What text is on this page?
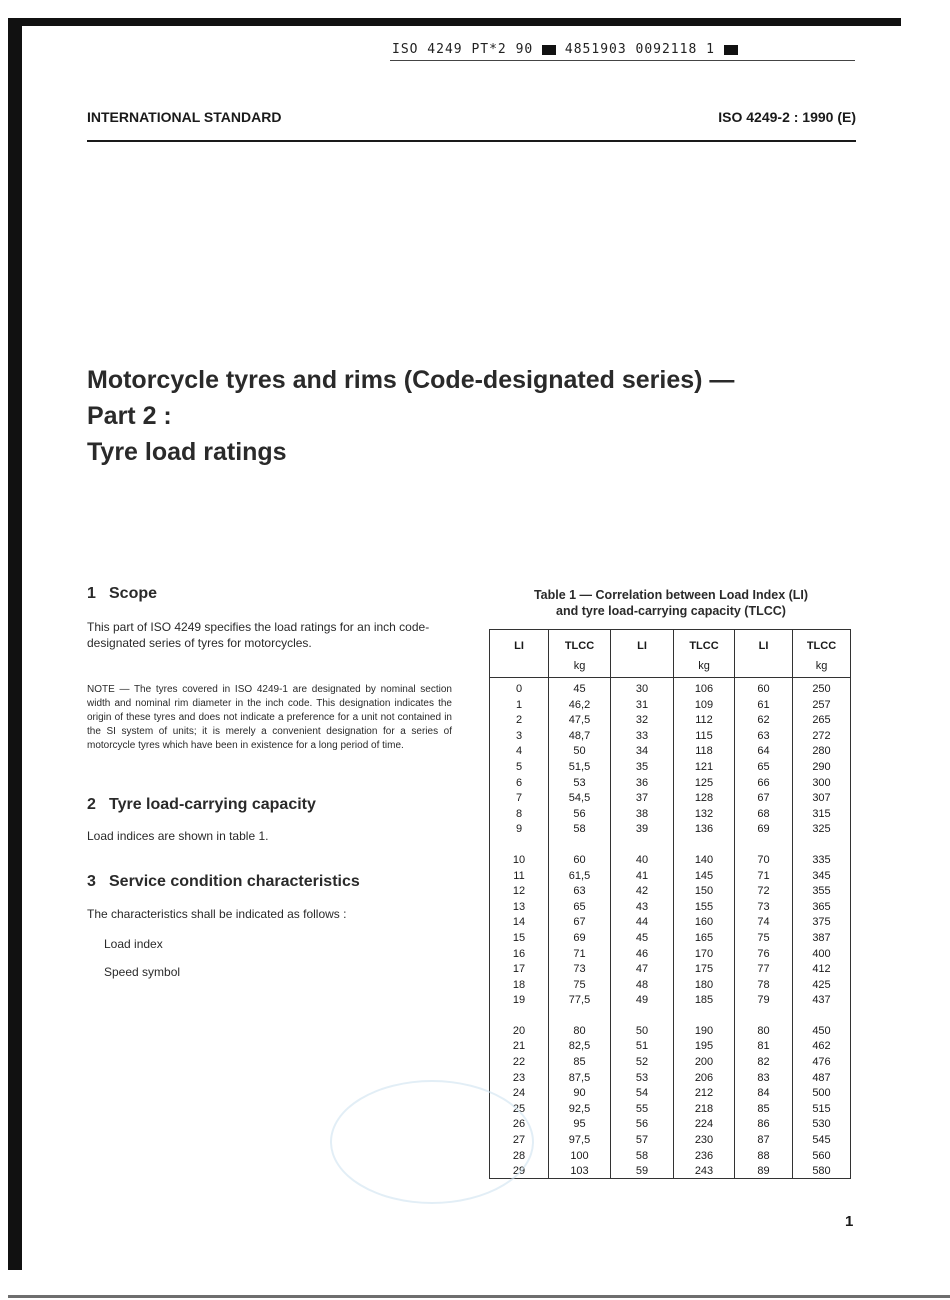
ISO 4249 PT*2 90 4851903 0092118 1
INTERNATIONAL STANDARD	ISO 4249-2 : 1990 (E)
Motorcycle tyres and rims (Code-designated series) —
Part 2 :
Tyre load ratings
1 Scope
This part of ISO 4249 specifies the load ratings for an inch code-designated series of tyres for motorcycles.
NOTE — The tyres covered in ISO 4249-1 are designated by nominal section width and nominal rim diameter in the inch code. This designation indicates the origin of these tyres and does not indicate a preference for a unit not contained in the SI system of units; it is merely a convenient designation for a series of motorcycle tyres which have been in existence for a long period of time.
2 Tyre load-carrying capacity
Load indices are shown in table 1.
3 Service condition characteristics
The characteristics shall be indicated as follows :
Load index
Speed symbol
Table 1 — Correlation between Load Index (LI)
and tyre load-carrying capacity (TLCC)
LI
0
1
2
3
4
5
6
7
8
9
10
11
12
13
14
15
16
17
18
19
20
21
22
23
24
25
26
27
28
29
TLCC
kg
45
46,2
47,5
48,7
50
51,5
53
54,5
56
58
60
61,5
63
65
67
69
71
73
75
77,5
80
82,5
85
87,5
90
92,5
95
97,5
100
103
LI
30
31
32
33
34
35
36
37
38
39
40
41
42
43
44
45
46
47
48
49
50
51
52
53
54
55
56
57
58
59
TLCC
kg
106
109
112
115
118
121
125
128
132
136
140
145
150
155
160
165
170
175
180
185
190
195
200
206
212
218
224
230
236
243
LI
60
61
62
63
64
65
66
67
68
69
70
71
72
73
74
75
76
77
78
79
80
81
82
83
84
85
86
87
88
89
TLCC
kg
250
257
265
272
280
290
300
307
315
325
335
345
355
365
375
387
400
412
425
437
450
462
476
487
500
515
530
545
560
580
1
